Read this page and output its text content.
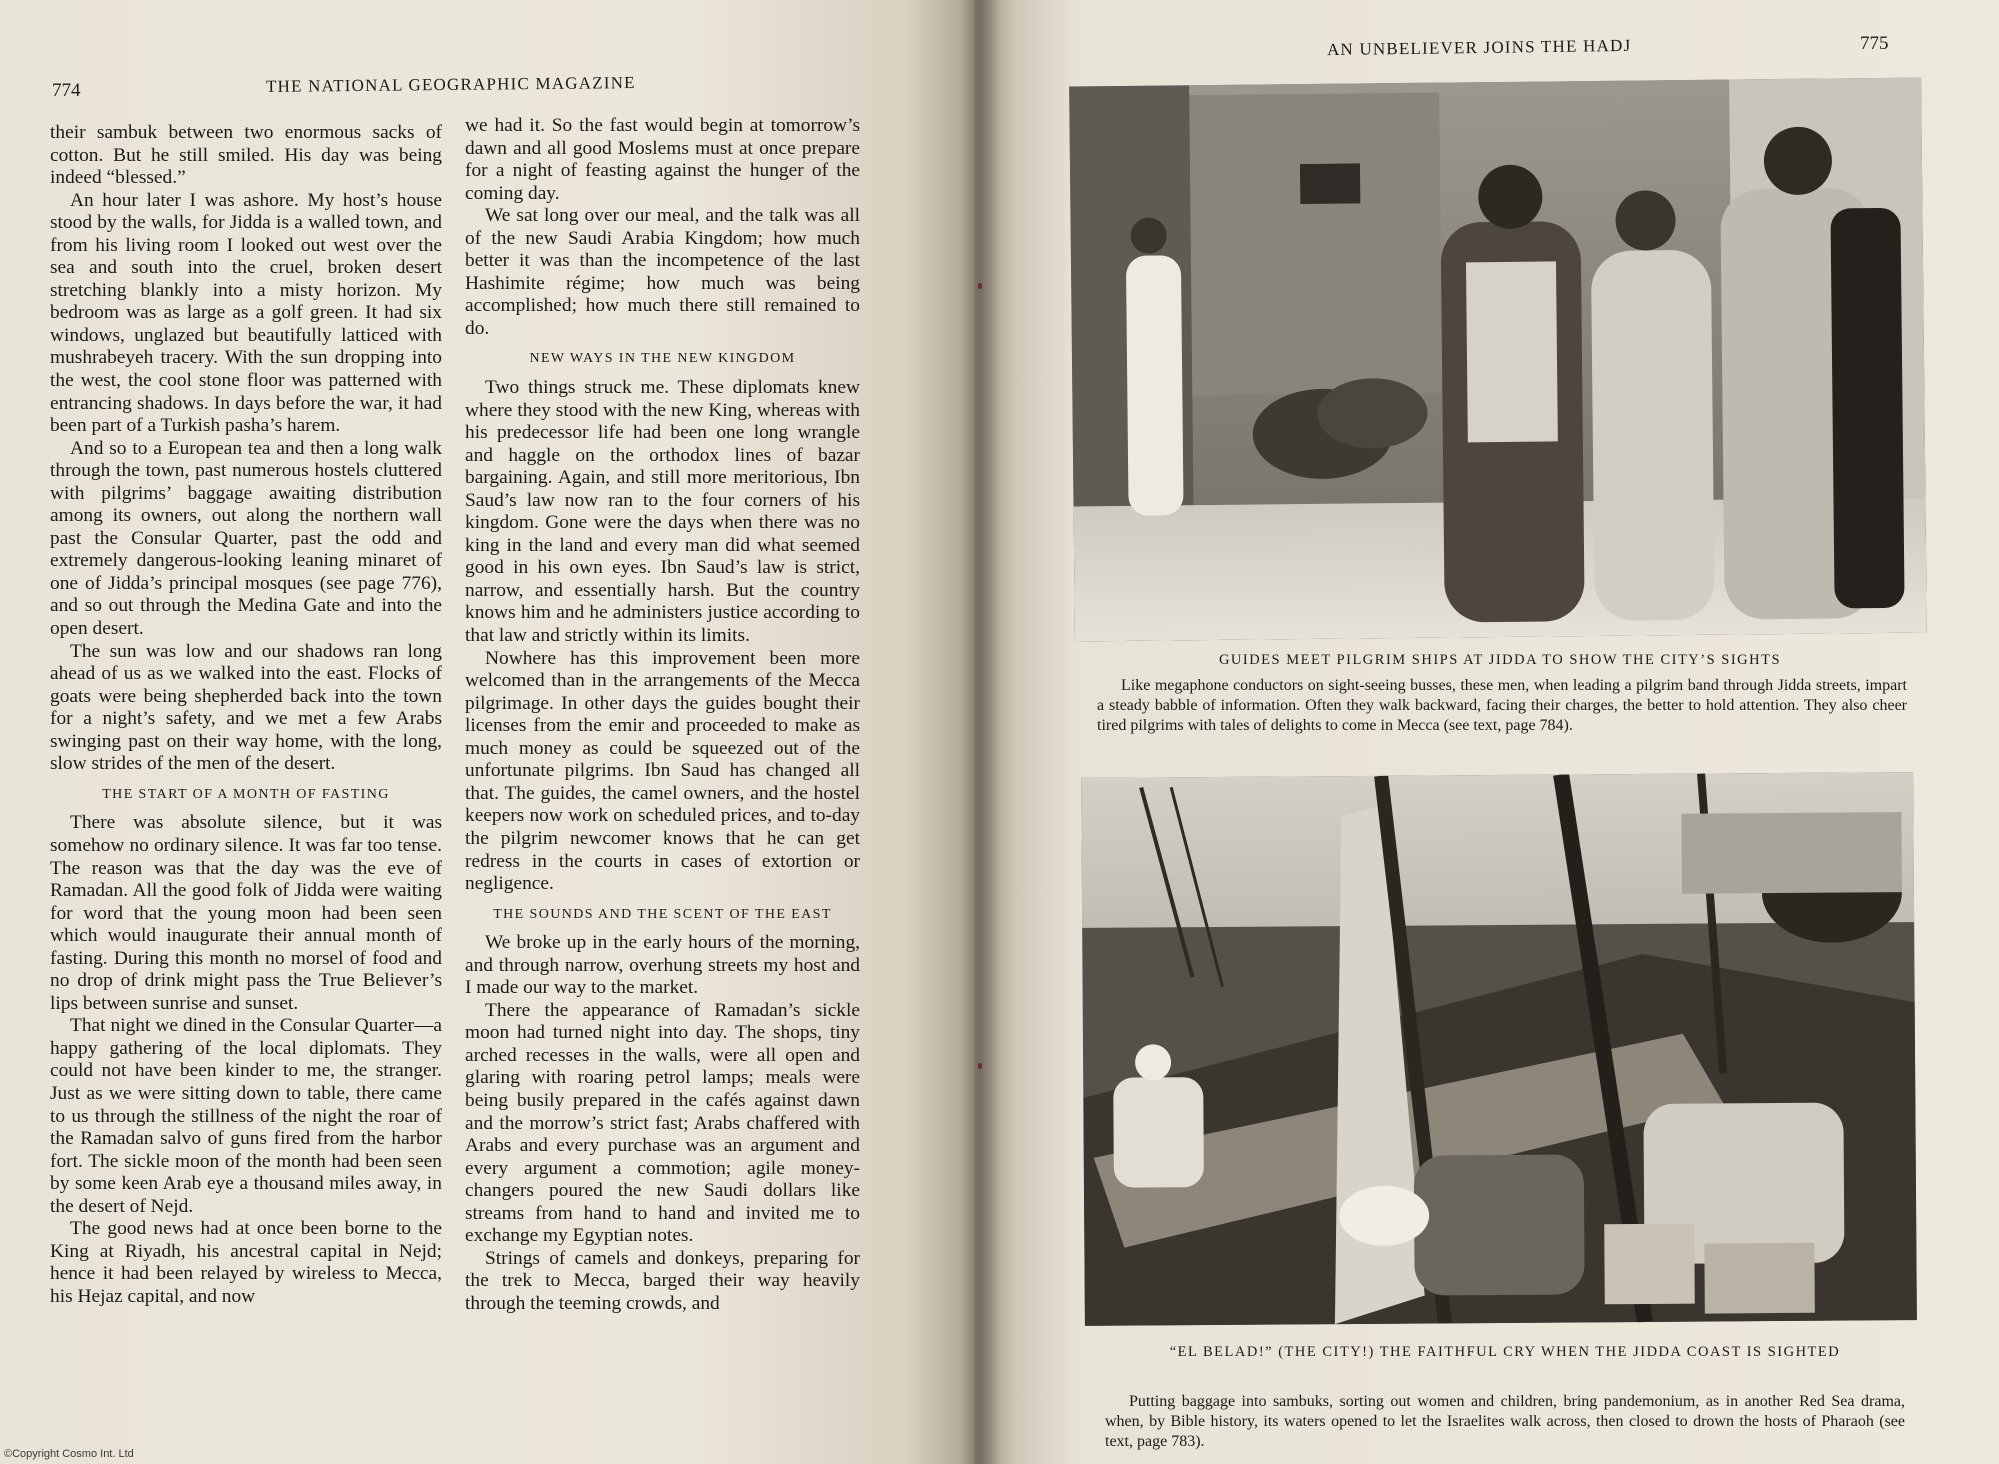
774	THE NATIONAL GEOGRAPHIC MAGAZINE

their sambuk between two enormous sacks of cotton. But he still smiled. His day was being indeed “blessed.”

An hour later I was ashore. My host’s house stood by the walls, for Jidda is a walled town, and from his living room I looked out west over the sea and south into the cruel, broken desert stretching blankly into a misty horizon. My bedroom was as large as a golf green. It had six windows, unglazed but beautifully latticed with mushrabeyeh tracery. With the sun dropping into the west, the cool stone floor was patterned with entrancing shadows. In days before the war, it had been part of a Turkish pasha’s harem.

And so to a European tea and then a long walk through the town, past numerous hostels cluttered with pilgrims’ baggage awaiting distribution among its owners, out along the northern wall past the Consular Quarter, past the odd and extremely dangerous-looking leaning minaret of one of Jidda’s principal mosques (see page 776), and so out through the Medina Gate and into the open desert.

The sun was low and our shadows ran long ahead of us as we walked into the east. Flocks of goats were being shepherded back into the town for a night’s safety, and we met a few Arabs swinging past on their way home, with the long, slow strides of the men of the desert.

THE START OF A MONTH OF FASTING

There was absolute silence, but it was somehow no ordinary silence. It was far too tense. The reason was that the day was the eve of Ramadan. All the good folk of Jidda were waiting for word that the young moon had been seen which would inaugurate their annual month of fasting. During this month no morsel of food and no drop of drink might pass the True Believer’s lips between sunrise and sunset.

That night we dined in the Consular Quarter—a happy gathering of the local diplomats. They could not have been kinder to me, the stranger. Just as we were sitting down to table, there came to us through the stillness of the night the roar of the Ramadan salvo of guns fired from the harbor fort. The sickle moon of the month had been seen by some keen Arab eye a thousand miles away, in the desert of Nejd.

The good news had at once been borne to the King at Riyadh, his ancestral capital in Nejd; hence it had been relayed by wireless to Mecca, his Hejaz capital, and now

we had it. So the fast would begin at tomorrow’s dawn and all good Moslems must at once prepare for a night of feasting against the hunger of the coming day.

We sat long over our meal, and the talk was all of the new Saudi Arabia Kingdom; how much better it was than the incompetence of the last Hashimite régime; how much was being accomplished; how much there still remained to do.

NEW WAYS IN THE NEW KINGDOM

Two things struck me. These diplomats knew where they stood with the new King, whereas with his predecessor life had been one long wrangle and haggle on the orthodox lines of bazar bargaining. Again, and still more meritorious, Ibn Saud’s law now ran to the four corners of his kingdom. Gone were the days when there was no king in the land and every man did what seemed good in his own eyes. Ibn Saud’s law is strict, narrow, and essentially harsh. But the country knows him and he administers justice according to that law and strictly within its limits.

Nowhere has this improvement been more welcomed than in the arrangements of the Mecca pilgrimage. In other days the guides bought their licenses from the emir and proceeded to make as much money as could be squeezed out of the unfortunate pilgrims. Ibn Saud has changed all that. The guides, the camel owners, and the hostel keepers now work on scheduled prices, and to-day the pilgrim newcomer knows that he can get redress in the courts in cases of extortion or negligence.

THE SOUNDS AND THE SCENT OF THE EAST

We broke up in the early hours of the morning, and through narrow, overhung streets my host and I made our way to the market.

There the appearance of Ramadan’s sickle moon had turned night into day. The shops, tiny arched recesses in the walls, were all open and glaring with roaring petrol lamps; meals were being busily prepared in the cafés against dawn and the morrow’s strict fast; Arabs chaffered with Arabs and every purchase was an argument and every argument a commotion; agile money-changers poured the new Saudi dollars like streams from hand to hand and invited me to exchange my Egyptian notes.

Strings of camels and donkeys, preparing for the trek to Mecca, barged their way heavily through the teeming crowds, and

©Copyright Cosmo Int. Ltd
AN UNBELIEVER JOINS THE HADJ	775
GUIDES MEET PILGRIM SHIPS AT JIDDA TO SHOW THE CITY’S SIGHTS
Like megaphone conductors on sight-seeing busses, these men, when leading a pilgrim band through Jidda streets, impart a steady babble of information. Often they walk backward, facing their charges, the better to hold attention. They also cheer tired pilgrims with tales of delights to come in Mecca (see text, page 784).
“EL BELAD!” (THE CITY!) THE FAITHFUL CRY WHEN THE JIDDA COAST IS SIGHTED
Putting baggage into sambuks, sorting out women and children, bring pandemonium, as in another Red Sea drama, when, by Bible history, its waters opened to let the Israelites walk across, then closed to drown the hosts of Pharaoh (see text, page 783).
